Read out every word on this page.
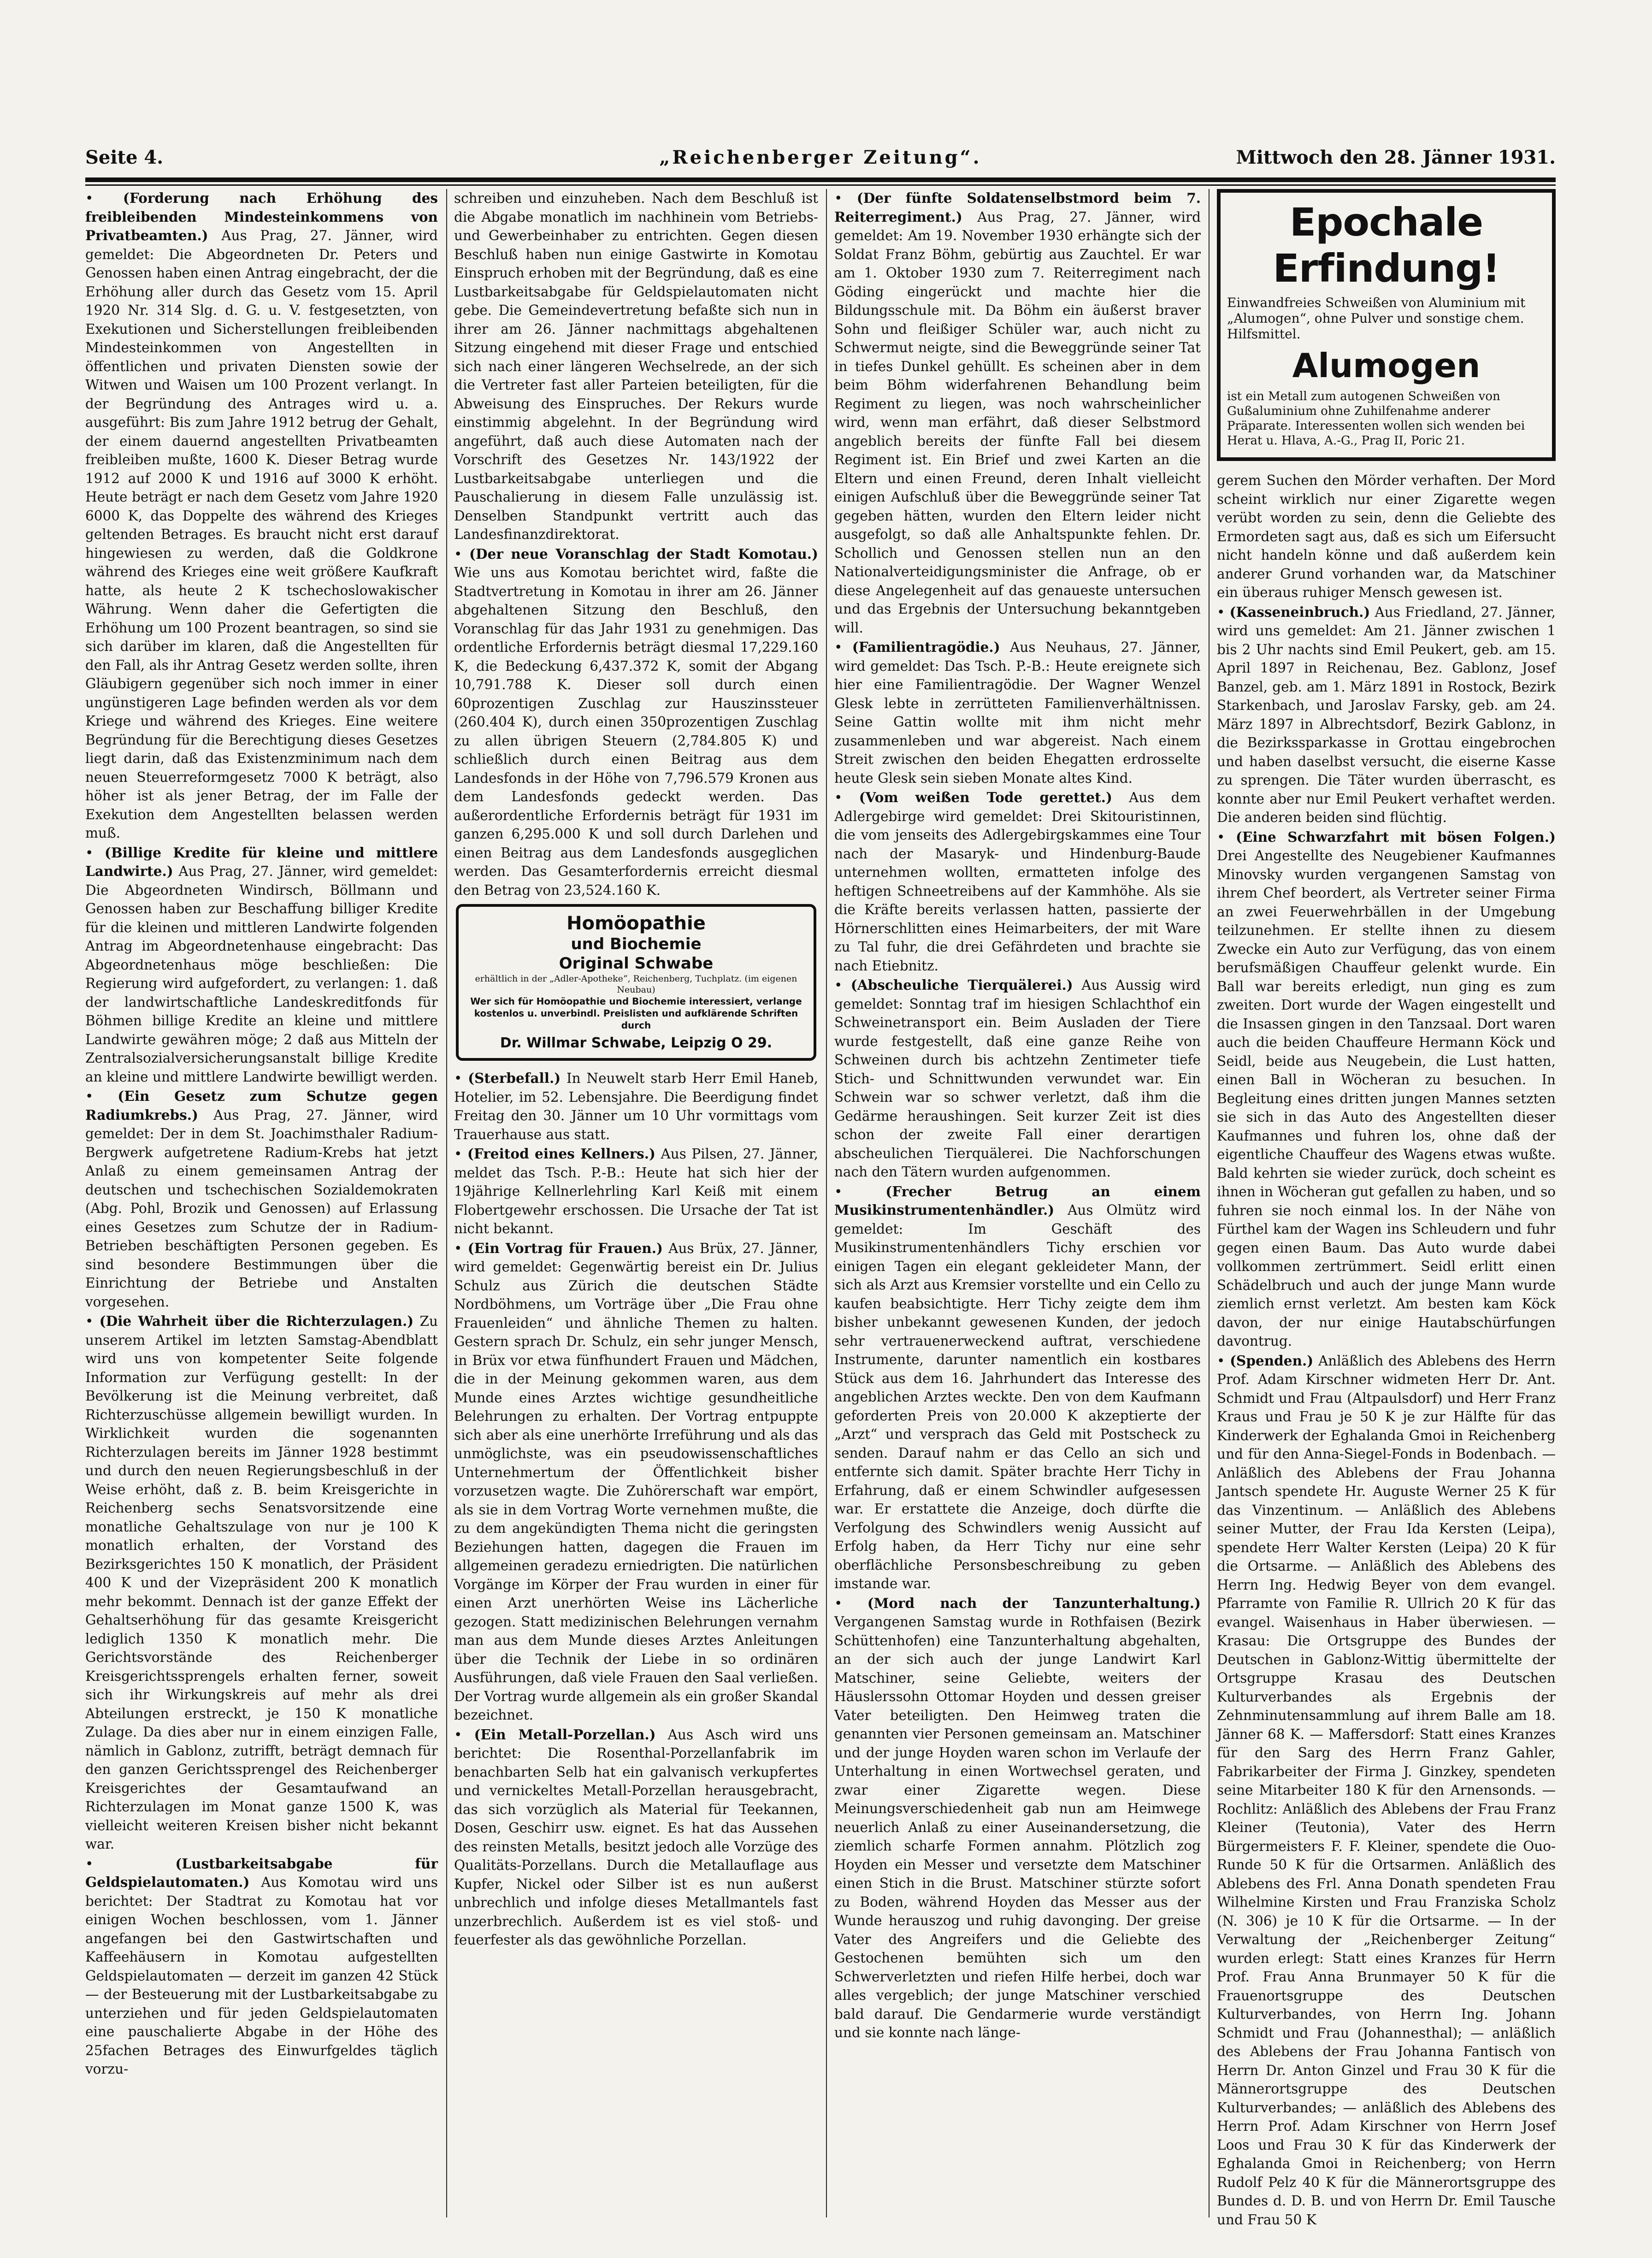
Seite 4.	„Reichenberger Zeitung“.	Mittwoch den 28. Jänner 1931.

• (Forderung nach Erhöhung des freibleibenden Mindesteinkommens von Privatbeamten.) Aus Prag, 27. Jänner, wird gemeldet: Die Abgeordneten Dr. Peters und Genossen haben einen Antrag eingebracht, der die Erhöhung aller durch das Gesetz vom 15. April 1920 Nr. 314 Slg. d. G. u. V. festgesetzten, von Exekutionen und Sicherstellungen freibleibenden Mindesteinkommen von Angestellten in öffentlichen und privaten Diensten sowie der Witwen und Waisen um 100 Prozent verlangt. In der Begründung des Antrages wird u. a. ausgeführt: Bis zum Jahre 1912 betrug der Gehalt, der einem dauernd angestellten Privatbeamten freibleiben mußte, 1600 K. Dieser Betrag wurde 1912 auf 2000 K und 1916 auf 3000 K erhöht. Heute beträgt er nach dem Gesetz vom Jahre 1920 6000 K, das Doppelte des während des Krieges geltenden Betrages. Es braucht nicht erst darauf hingewiesen zu werden, daß die Goldkrone während des Krieges eine weit größere Kaufkraft hatte, als heute 2 K tschechoslowakischer Währung. Wenn daher die Gefertigten die Erhöhung um 100 Prozent beantragen, so sind sie sich darüber im klaren, daß die Angestellten für den Fall, als ihr Antrag Gesetz werden sollte, ihren Gläubigern gegenüber sich noch immer in einer ungünstigeren Lage befinden werden als vor dem Kriege und während des Krieges. Eine weitere Begründung für die Berechtigung dieses Gesetzes liegt darin, daß das Existenzminimum nach dem neuen Steuerreformgesetz 7000 K beträgt, also höher ist als jener Betrag, der im Falle der Exekution dem Angestellten belassen werden muß.

• (Billige Kredite für kleine und mittlere Landwirte.) Aus Prag, 27. Jänner, wird gemeldet: Die Abgeordneten Windirsch, Böllmann und Genossen haben zur Beschaffung billiger Kredite für die kleinen und mittleren Landwirte folgenden Antrag im Abgeordnetenhause eingebracht: Das Abgeordnetenhaus möge beschließen: Die Regierung wird aufgefordert, zu verlangen: 1. daß der landwirtschaftliche Landeskreditfonds für Böhmen billige Kredite an kleine und mittlere Landwirte gewähren möge; 2 daß aus Mitteln der Zentralsozialversicherungsanstalt billige Kredite an kleine und mittlere Landwirte bewilligt werden.

• (Ein Gesetz zum Schutze gegen Radiumkrebs.) Aus Prag, 27. Jänner, wird gemeldet: Der in dem St. Joachimsthaler Radium-Bergwerk aufgetretene Radium-Krebs hat jetzt Anlaß zu einem gemeinsamen Antrag der deutschen und tschechischen Sozialdemokraten (Abg. Pohl, Brozik und Genossen) auf Erlassung eines Gesetzes zum Schutze der in Radium-Betrieben beschäftigten Personen gegeben. Es sind besondere Bestimmungen über die Einrichtung der Betriebe und Anstalten vorgesehen.

• (Die Wahrheit über die Richterzulagen.) Zu unserem Artikel im letzten Samstag-Abendblatt wird uns von kompetenter Seite folgende Information zur Verfügung gestellt: In der Bevölkerung ist die Meinung verbreitet, daß Richterzuschüsse allgemein bewilligt wurden. In Wirklichkeit wurden die sogenannten Richterzulagen bereits im Jänner 1928 bestimmt und durch den neuen Regierungsbeschluß in der Weise erhöht, daß z. B. beim Kreisgerichte in Reichenberg sechs Senatsvorsitzende eine monatliche Gehaltszulage von nur je 100 K monatlich erhalten, der Vorstand des Bezirksgerichtes 150 K monatlich, der Präsident 400 K und der Vizepräsident 200 K monatlich mehr bekommt. Dennach ist der ganze Effekt der Gehaltserhöhung für das gesamte Kreisgericht lediglich 1350 K monatlich mehr. Die Gerichtsvorstände des Reichenberger Kreisgerichtssprengels erhalten ferner, soweit sich ihr Wirkungskreis auf mehr als drei Abteilungen erstreckt, je 150 K monatliche Zulage. Da dies aber nur in einem einzigen Falle, nämlich in Gablonz, zutrifft, beträgt demnach für den ganzen Gerichtssprengel des Reichenberger Kreisgerichtes der Gesamtaufwand an Richterzulagen im Monat ganze 1500 K, was vielleicht weiteren Kreisen bisher nicht bekannt war.

• (Lustbarkeitsabgabe für Geldspielautomaten.) Aus Komotau wird uns berichtet: Der Stadtrat zu Komotau hat vor einigen Wochen beschlossen, vom 1. Jänner angefangen bei den Gastwirtschaften und Kaffeehäusern in Komotau aufgestellten Geldspielautomaten — derzeit im ganzen 42 Stück — der Besteuerung mit der Lustbarkeitsabgabe zu unterziehen und für jeden Geldspielautomaten eine pauschalierte Abgabe in der Höhe des 25fachen Betrages des Einwurfgeldes täglich vorzu-

schreiben und einzuheben. Nach dem Beschluß ist die Abgabe monatlich im nachhinein vom Betriebs- und Gewerbeinhaber zu entrichten. Gegen diesen Beschluß haben nun einige Gastwirte in Komotau Einspruch erhoben mit der Begründung, daß es eine Lustbarkeitsabgabe für Geldspielautomaten nicht gebe. Die Gemeindevertretung befaßte sich nun in ihrer am 26. Jänner nachmittags abgehaltenen Sitzung eingehend mit dieser Frage und entschied sich nach einer längeren Wechselrede, an der sich die Vertreter fast aller Parteien beteiligten, für die Abweisung des Einspruches. Der Rekurs wurde einstimmig abgelehnt. In der Begründung wird angeführt, daß auch diese Automaten nach der Vorschrift des Gesetzes Nr. 143/1922 der Lustbarkeitsabgabe unterliegen und die Pauschalierung in diesem Falle unzulässig ist. Denselben Standpunkt vertritt auch das Landesfinanzdirektorat.

• (Der neue Voranschlag der Stadt Komotau.) Wie uns aus Komotau berichtet wird, faßte die Stadtvertretung in Komotau in ihrer am 26. Jänner abgehaltenen Sitzung den Beschluß, den Voranschlag für das Jahr 1931 zu genehmigen. Das ordentliche Erfordernis beträgt diesmal 17,229.160 K, die Bedeckung 6,437.372 K, somit der Abgang 10,791.788 K. Dieser soll durch einen 60prozentigen Zuschlag zur Hauszinssteuer (260.404 K), durch einen 350prozentigen Zuschlag zu allen übrigen Steuern (2,784.805 K) und schließlich durch einen Beitrag aus dem Landesfonds in der Höhe von 7,796.579 Kronen aus dem Landesfonds gedeckt werden. Das außerordentliche Erfordernis beträgt für 1931 im ganzen 6,295.000 K und soll durch Darlehen und einen Beitrag aus dem Landesfonds ausgeglichen werden. Das Gesamterfordernis erreicht diesmal den Betrag von 23,524.160 K.

Homöopathie
und Biochemie
Original Schwabe
erhältlich in der „Adler-Apotheke“, Reichenberg, Tuchplatz. (im eigenen Neubau)
Wer sich für Homöopathie und Biochemie interessiert, verlange kostenlos u. unverbindl. Preislisten und aufklärende Schriften durch
Dr. Willmar Schwabe, Leipzig O 29.

• (Sterbefall.) In Neuwelt starb Herr Emil Haneb, Hotelier, im 52. Lebensjahre. Die Beerdigung findet Freitag den 30. Jänner um 10 Uhr vormittags vom Trauerhause aus statt.

• (Freitod eines Kellners.) Aus Pilsen, 27. Jänner, meldet das Tsch. P.-B.: Heute hat sich hier der 19jährige Kellnerlehrling Karl Keiß mit einem Flobertgewehr erschossen. Die Ursache der Tat ist nicht bekannt.

• (Ein Vortrag für Frauen.) Aus Brüx, 27. Jänner, wird gemeldet: Gegenwärtig bereist ein Dr. Julius Schulz aus Zürich die deutschen Städte Nordböhmens, um Vorträge über „Die Frau ohne Frauenleiden“ und ähnliche Themen zu halten. Gestern sprach Dr. Schulz, ein sehr junger Mensch, in Brüx vor etwa fünfhundert Frauen und Mädchen, die in der Meinung gekommen waren, aus dem Munde eines Arztes wichtige gesundheitliche Belehrungen zu erhalten. Der Vortrag entpuppte sich aber als eine unerhörte Irreführung und als das unmöglichste, was ein pseudowissenschaftliches Unternehmertum der Öffentlichkeit bisher vorzusetzen wagte. Die Zuhörerschaft war empört, als sie in dem Vortrag Worte vernehmen mußte, die zu dem angekündigten Thema nicht die geringsten Beziehungen hatten, dagegen die Frauen im allgemeinen geradezu erniedrigten. Die natürlichen Vorgänge im Körper der Frau wurden in einer für einen Arzt unerhörten Weise ins Lächerliche gezogen. Statt medizinischen Belehrungen vernahm man aus dem Munde dieses Arztes Anleitungen über die Technik der Liebe in so ordinären Ausführungen, daß viele Frauen den Saal verließen. Der Vortrag wurde allgemein als ein großer Skandal bezeichnet.

• (Ein Metall-Porzellan.) Aus Asch wird uns berichtet: Die Rosenthal-Porzellanfabrik im benachbarten Selb hat ein galvanisch verkupfertes und vernickeltes Metall-Porzellan herausgebracht, das sich vorzüglich als Material für Teekannen, Dosen, Geschirr usw. eignet. Es hat das Aussehen des reinsten Metalls, besitzt jedoch alle Vorzüge des Qualitäts-Porzellans. Durch die Metallauflage aus Kupfer, Nickel oder Silber ist es nun außerst unbrechlich und infolge dieses Metallmantels fast unzerbrechlich. Außerdem ist es viel stoß- und feuerfester als das gewöhnliche Porzellan.

• (Der fünfte Soldatenselbstmord beim 7. Reiterregiment.) Aus Prag, 27. Jänner, wird gemeldet: Am 19. November 1930 erhängte sich der Soldat Franz Böhm, gebürtig aus Zauchtel. Er war am 1. Oktober 1930 zum 7. Reiterregiment nach Göding eingerückt und machte hier die Bildungsschule mit. Da Böhm ein äußerst braver Sohn und fleißiger Schüler war, auch nicht zu Schwermut neigte, sind die Beweggründe seiner Tat in tiefes Dunkel gehüllt. Es scheinen aber in dem beim Böhm widerfahrenen Behandlung beim Regiment zu liegen, was noch wahrscheinlicher wird, wenn man erfährt, daß dieser Selbstmord angeblich bereits der fünfte Fall bei diesem Regiment ist. Ein Brief und zwei Karten an die Eltern und einen Freund, deren Inhalt vielleicht einigen Aufschluß über die Beweggründe seiner Tat gegeben hätten, wurden den Eltern leider nicht ausgefolgt, so daß alle Anhaltspunkte fehlen. Dr. Schollich und Genossen stellen nun an den Nationalverteidigungsminister die Anfrage, ob er diese Angelegenheit auf das genaueste untersuchen und das Ergebnis der Untersuchung bekanntgeben will.

• (Familientragödie.) Aus Neuhaus, 27. Jänner, wird gemeldet: Das Tsch. P.-B.: Heute ereignete sich hier eine Familientragödie. Der Wagner Wenzel Glesk lebte in zerrütteten Familienverhältnissen. Seine Gattin wollte mit ihm nicht mehr zusammenleben und war abgereist. Nach einem Streit zwischen den beiden Ehegatten erdrosselte heute Glesk sein sieben Monate altes Kind.

• (Vom weißen Tode gerettet.) Aus dem Adlergebirge wird gemeldet: Drei Skitouristinnen, die vom jenseits des Adlergebirgskammes eine Tour nach der Masaryk- und Hindenburg-Baude unternehmen wollten, ermatteten infolge des heftigen Schneetreibens auf der Kammhöhe. Als sie die Kräfte bereits verlassen hatten, passierte der Hörnerschlitten eines Heimarbeiters, der mit Ware zu Tal fuhr, die drei Gefährdeten und brachte sie nach Etiebnitz.

• (Abscheuliche Tierquälerei.) Aus Aussig wird gemeldet: Sonntag traf im hiesigen Schlachthof ein Schweinetransport ein. Beim Ausladen der Tiere wurde festgestellt, daß eine ganze Reihe von Schweinen durch bis achtzehn Zentimeter tiefe Stich- und Schnittwunden verwundet war. Ein Schwein war so schwer verletzt, daß ihm die Gedärme heraushingen. Seit kurzer Zeit ist dies schon der zweite Fall einer derartigen abscheulichen Tierquälerei. Die Nachforschungen nach den Tätern wurden aufgenommen.

• (Frecher Betrug an einem Musikinstrumentenhändler.) Aus Olmütz wird gemeldet: Im Geschäft des Musikinstrumentenhändlers Tichy erschien vor einigen Tagen ein elegant gekleideter Mann, der sich als Arzt aus Kremsier vorstellte und ein Cello zu kaufen beabsichtigte. Herr Tichy zeigte dem ihm bisher unbekannt gewesenen Kunden, der jedoch sehr vertrauenerweckend auftrat, verschiedene Instrumente, darunter namentlich ein kostbares Stück aus dem 16. Jahrhundert das Interesse des angeblichen Arztes weckte. Den von dem Kaufmann geforderten Preis von 20.000 K akzeptierte der „Arzt“ und versprach das Geld mit Postscheck zu senden. Darauf nahm er das Cello an sich und entfernte sich damit. Später brachte Herr Tichy in Erfahrung, daß er einem Schwindler aufgesessen war. Er erstattete die Anzeige, doch dürfte die Verfolgung des Schwindlers wenig Aussicht auf Erfolg haben, da Herr Tichy nur eine sehr oberflächliche Personsbeschreibung zu geben imstande war.

• (Mord nach der Tanzunterhaltung.) Vergangenen Samstag wurde in Rothfaisen (Bezirk Schüttenhofen) eine Tanzunterhaltung abgehalten, an der sich auch der junge Landwirt Karl Matschiner, seine Geliebte, weiters der Häuslerssohn Ottomar Hoyden und dessen greiser Vater beteiligten. Den Heimweg traten die genannten vier Personen gemeinsam an. Matschiner und der junge Hoyden waren schon im Verlaufe der Unterhaltung in einen Wortwechsel geraten, und zwar einer Zigarette wegen. Diese Meinungsverschiedenheit gab nun am Heimwege neuerlich Anlaß zu einer Auseinandersetzung, die ziemlich scharfe Formen annahm. Plötzlich zog Hoyden ein Messer und versetzte dem Matschiner einen Stich in die Brust. Matschiner stürzte sofort zu Boden, während Hoyden das Messer aus der Wunde herauszog und ruhig davonging. Der greise Vater des Angreifers und die Geliebte des Gestochenen bemühten sich um den Schwerverletzten und riefen Hilfe herbei, doch war alles vergeblich; der junge Matschiner verschied bald darauf. Die Gendarmerie wurde verständigt und sie konnte nach länge-

Epochale Erfindung!
Einwandfreies Schweißen von Aluminium mit „Alumogen“, ohne Pulver und sonstige chem. Hilfsmittel.
Alumogen
ist ein Metall zum autogenen Schweißen von Gußaluminium ohne Zuhilfenahme anderer Präparate. Interessenten wollen sich wenden bei Herat u. Hlava, A.-G., Prag II, Poric 21.

gerem Suchen den Mörder verhaften. Der Mord scheint wirklich nur einer Zigarette wegen verübt worden zu sein, denn die Geliebte des Ermordeten sagt aus, daß es sich um Eifersucht nicht handeln könne und daß außerdem kein anderer Grund vorhanden war, da Matschiner ein überaus ruhiger Mensch gewesen ist.

• (Kasseneinbruch.) Aus Friedland, 27. Jänner, wird uns gemeldet: Am 21. Jänner zwischen 1 bis 2 Uhr nachts sind Emil Peukert, geb. am 15. April 1897 in Reichenau, Bez. Gablonz, Josef Banzel, geb. am 1. März 1891 in Rostock, Bezirk Starkenbach, und Jaroslav Farsky, geb. am 24. März 1897 in Albrechtsdorf, Bezirk Gablonz, in die Bezirkssparkasse in Grottau eingebrochen und haben daselbst versucht, die eiserne Kasse zu sprengen. Die Täter wurden überrascht, es konnte aber nur Emil Peukert verhaftet werden. Die anderen beiden sind flüchtig.

• (Eine Schwarzfahrt mit bösen Folgen.) Drei Angestellte des Neugebiener Kaufmannes Minovsky wurden vergangenen Samstag von ihrem Chef beordert, als Vertreter seiner Firma an zwei Feuerwehrbällen in der Umgebung teilzunehmen. Er stellte ihnen zu diesem Zwecke ein Auto zur Verfügung, das von einem berufsmäßigen Chauffeur gelenkt wurde. Ein Ball war bereits erledigt, nun ging es zum zweiten. Dort wurde der Wagen eingestellt und die Insassen gingen in den Tanzsaal. Dort waren auch die beiden Chauffeure Hermann Köck und Seidl, beide aus Neugebein, die Lust hatten, einen Ball in Wöcheran zu besuchen. In Begleitung eines dritten jungen Mannes setzten sie sich in das Auto des Angestellten dieser Kaufmannes und fuhren los, ohne daß der eigentliche Chauffeur des Wagens etwas wußte. Bald kehrten sie wieder zurück, doch scheint es ihnen in Wöcheran gut gefallen zu haben, und so fuhren sie noch einmal los. In der Nähe von Fürthel kam der Wagen ins Schleudern und fuhr gegen einen Baum. Das Auto wurde dabei vollkommen zertrümmert. Seidl erlitt einen Schädelbruch und auch der junge Mann wurde ziemlich ernst verletzt. Am besten kam Köck davon, der nur einige Hautabschürfungen davontrug.

• (Spenden.) Anläßlich des Ablebens des Herrn Prof. Adam Kirschner widmeten Herr Dr. Ant. Schmidt und Frau (Altpaulsdorf) und Herr Franz Kraus und Frau je 50 K je zur Hälfte für das Kinderwerk der Eghalanda Gmoi in Reichenberg und für den Anna-Siegel-Fonds in Bodenbach. — Anläßlich des Ablebens der Frau Johanna Jantsch spendete Hr. Auguste Werner 25 K für das Vinzentinum. — Anläßlich des Ablebens seiner Mutter, der Frau Ida Kersten (Leipa), spendete Herr Walter Kersten (Leipa) 20 K für die Ortsarme. — Anläßlich des Ablebens des Herrn Ing. Hedwig Beyer von dem evangel. Pfarramte von Familie R. Ullrich 20 K für das evangel. Waisenhaus in Haber überwiesen. — Krasau: Die Ortsgruppe des Bundes der Deutschen in Gablonz-Wittig übermittelte der Ortsgruppe Krasau des Deutschen Kulturverbandes als Ergebnis der Zehnminutensammlung auf ihrem Balle am 18. Jänner 68 K. — Maffersdorf: Statt eines Kranzes für den Sarg des Herrn Franz Gahler, Fabrikarbeiter der Firma J. Ginzkey, spendeten seine Mitarbeiter 180 K für den Arnensonds. — Rochlitz: Anläßlich des Ablebens der Frau Franz Kleiner (Teutonia), Vater des Herrn Bürgermeisters F. F. Kleiner, spendete die Ouo-Runde 50 K für die Ortsarmen. Anläßlich des Ablebens des Frl. Anna Donath spendeten Frau Wilhelmine Kirsten und Frau Franziska Scholz (N. 306) je 10 K für die Ortsarme. — In der Verwaltung der „Reichenberger Zeitung“ wurden erlegt: Statt eines Kranzes für Herrn Prof. Frau Anna Brunmayer 50 K für die Frauenortsgruppe des Deutschen Kulturverbandes, von Herrn Ing. Johann Schmidt und Frau (Johannesthal); — anläßlich des Ablebens der Frau Johanna Fantisch von Herrn Dr. Anton Ginzel und Frau 30 K für die Männerortsgruppe des Deutschen Kulturverbandes; — anläßlich des Ablebens des Herrn Prof. Adam Kirschner von Herrn Josef Loos und Frau 30 K für das Kinderwerk der Eghalanda Gmoi in Reichenberg; von Herrn Rudolf Pelz 40 K für die Männerortsgruppe des Bundes d. D. B. und von Herrn Dr. Emil Tausche und Frau 50 K
